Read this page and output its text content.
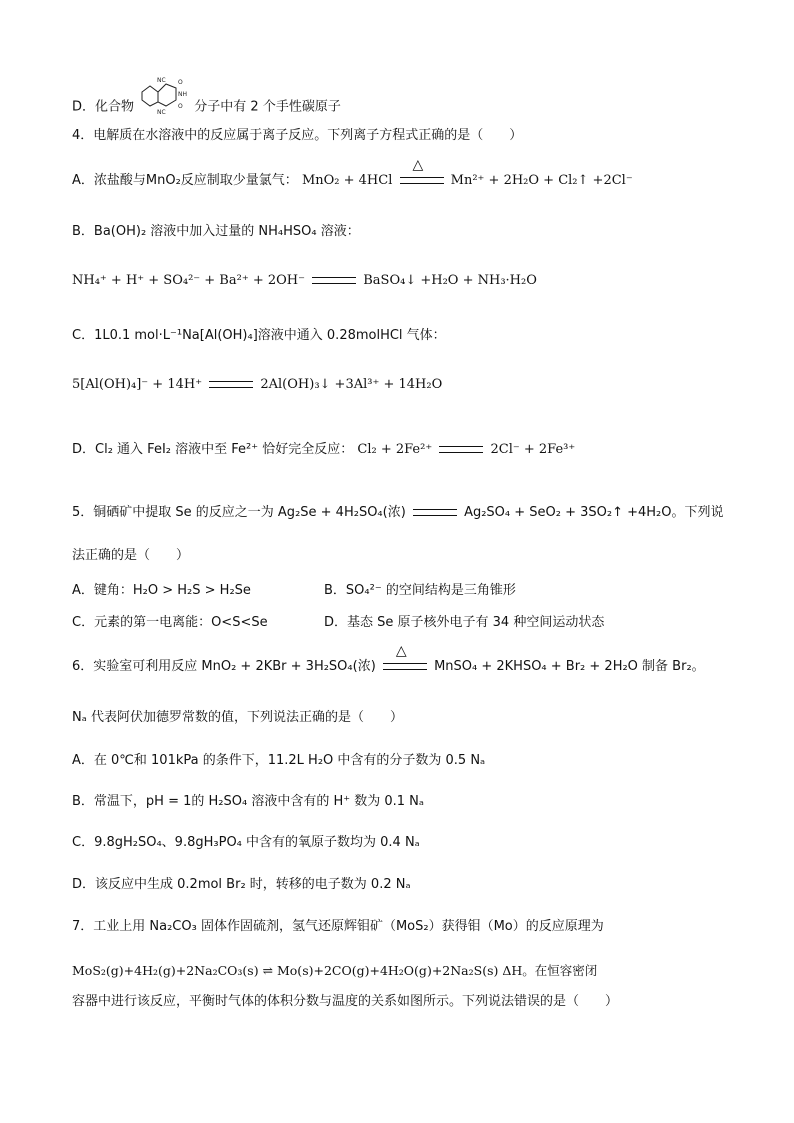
D．化合物
NC O
NH
O
NC 分子中有 2 个手性碳原子
4．电解质在水溶液中的反应属于离子反应。下列离子方程式正确的是（　　）
A．浓盐酸与MnO₂反应制取少量氯气： MnO₂ + 4HCl
△
Mn²⁺ + 2H₂O + Cl₂↑ +2Cl⁻
B．Ba(OH)₂ 溶液中加入过量的 NH₄HSO₄ 溶液：
NH₄⁺ + H⁺ + SO₄²⁻ + Ba²⁺ + 2OH⁻	BaSO₄↓ +H₂O + NH₃·H₂O
C．1L0.1 mol·L⁻¹Na[Al(OH)₄]溶液中通入 0.28molHCl 气体：
5[Al(OH)₄]⁻ + 14H⁺	2Al(OH)₃↓ +3Al³⁺ + 14H₂O
D．Cl₂ 通入 FeI₂ 溶液中至 Fe²⁺ 恰好完全反应： Cl₂ + 2Fe²⁺	2Cl⁻ + 2Fe³⁺
5．铜硒矿中提取 Se 的反应之一为 Ag₂Se + 4H₂SO₄(浓)	Ag₂SO₄ + SeO₂ + 3SO₂↑ +4H₂O。下列说
法正确的是（　　）
A．键角：H₂O > H₂S > H₂Se	B．SO₄²⁻ 的空间结构是三角锥形
C．元素的第一电离能：O<S<Se	D．基态 Se 原子核外电子有 34 种空间运动状态
6．实验室可利用反应 MnO₂ + 2KBr + 3H₂SO₄(浓)
△
MnSO₄ + 2KHSO₄ + Br₂ + 2H₂O 制备 Br₂。
Nₐ 代表阿伏加德罗常数的值，下列说法正确的是（　　）
A．在 0℃和 101kPa 的条件下，11.2L H₂O 中含有的分子数为 0.5 Nₐ
B．常温下，pH = 1的 H₂SO₄ 溶液中含有的 H⁺ 数为 0.1 Nₐ
C．9.8gH₂SO₄、9.8gH₃PO₄ 中含有的氧原子数均为 0.4 Nₐ
D．该反应中生成 0.2mol Br₂ 时，转移的电子数为 0.2 Nₐ
7．工业上用 Na₂CO₃ 固体作固硫剂，氢气还原辉钼矿（MoS₂）获得钼（Mo）的反应原理为
MoS₂(g)+4H₂(g)+2Na₂CO₃(s) ⇌ Mo(s)+2CO(g)+4H₂O(g)+2Na₂S(s) ΔH。在恒容密闭
容器中进行该反应，平衡时气体的体积分数与温度的关系如图所示。下列说法错误的是（　　）
